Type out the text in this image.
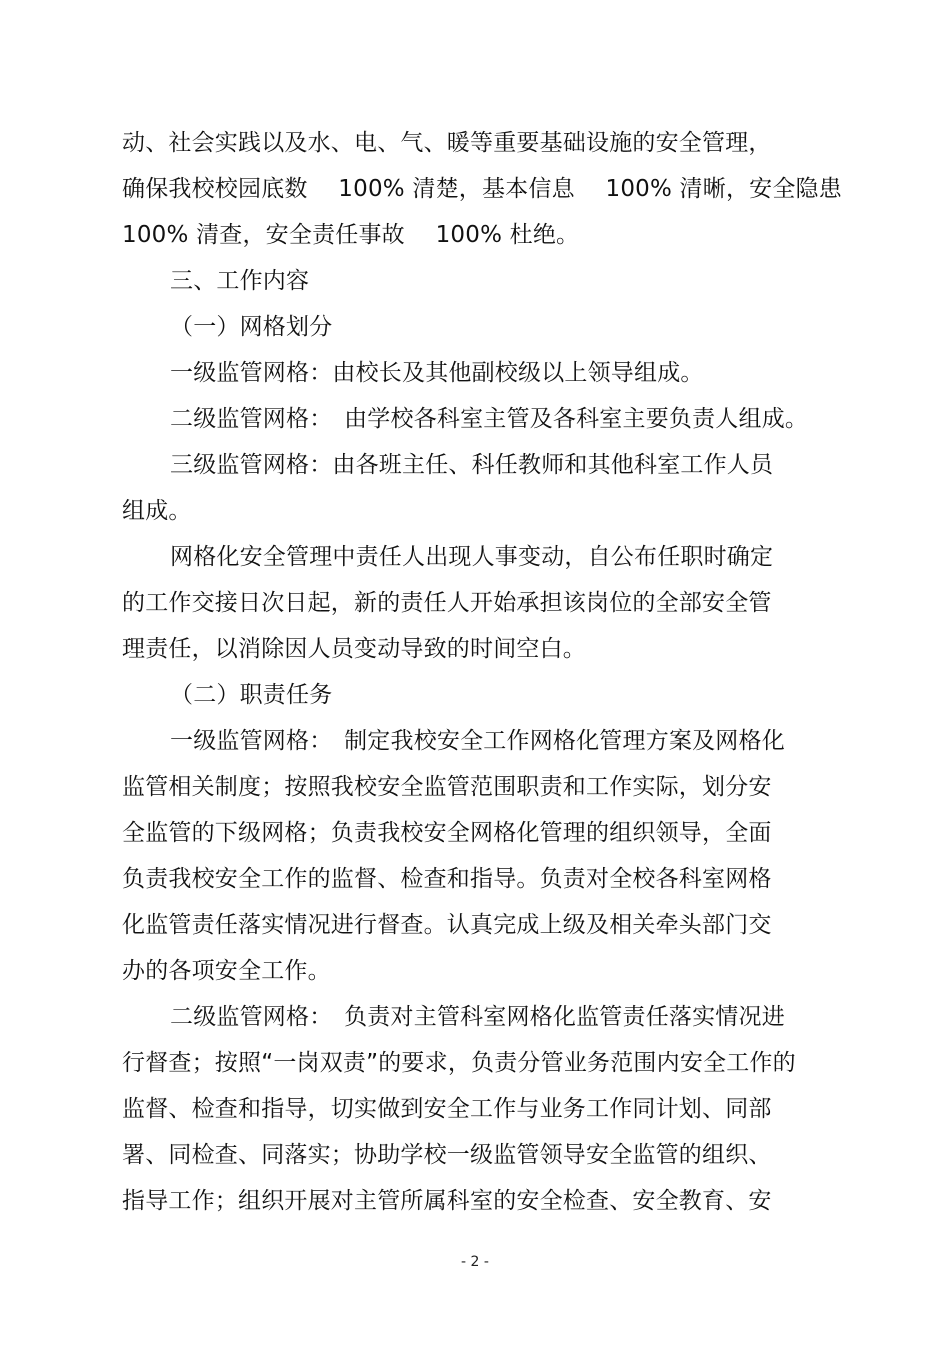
动、社会实践以及水、电、气、暖等重要基础设施的安全管理，
确保我校校园底数　 100% 清楚，基本信息　 100% 清晰，安全隐患
100% 清查，安全责任事故　 100% 杜绝。
三、工作内容
（一）网格划分
一级监管网格：由校长及其他副校级以上领导组成。
二级监管网格：　由学校各科室主管及各科室主要负责人组成。
三级监管网格：由各班主任、科任教师和其他科室工作人员
组成。
网格化安全管理中责任人出现人事变动，自公布任职时确定
的工作交接日次日起，新的责任人开始承担该岗位的全部安全管
理责任，以消除因人员变动导致的时间空白。
（二）职责任务
一级监管网格：　制定我校安全工作网格化管理方案及网格化
监管相关制度；按照我校安全监管范围职责和工作实际，划分安
全监管的下级网格；负责我校安全网格化管理的组织领导，全面
负责我校安全工作的监督、检查和指导。负责对全校各科室网格
化监管责任落实情况进行督查。认真完成上级及相关牵头部门交
办的各项安全工作。
二级监管网格：　负责对主管科室网格化监管责任落实情况进
行督查；按照“一岗双责”的要求，负责分管业务范围内安全工作的
监督、检查和指导，切实做到安全工作与业务工作同计划、同部
署、同检查、同落实；协助学校一级监管领导安全监管的组织、
指导工作；组织开展对主管所属科室的安全检查、安全教育、安
- 2 -
